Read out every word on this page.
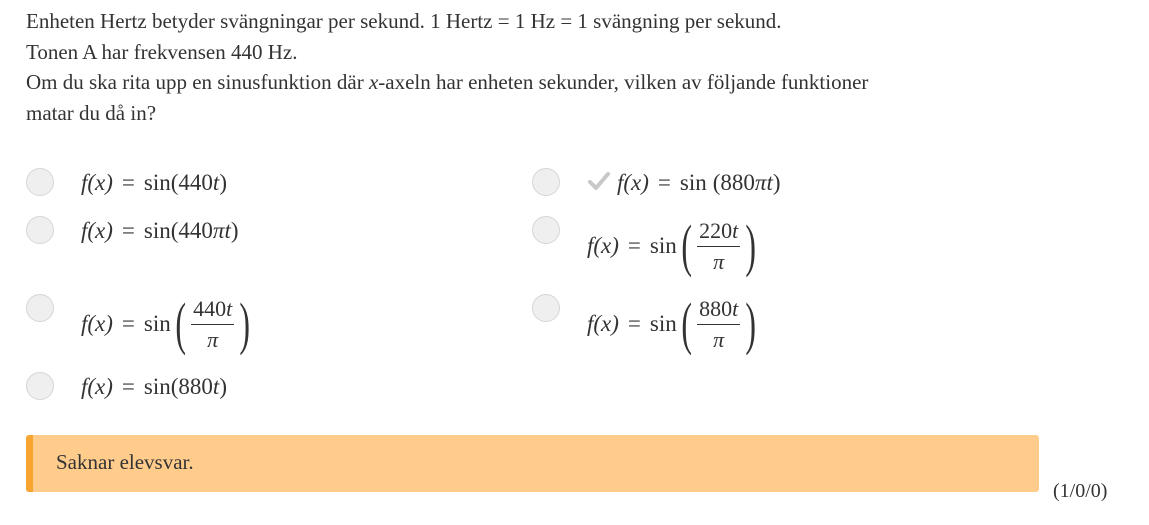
Enheten Hertz betyder svängningar per sekund. 1 Hertz = 1 Hz = 1 svängning per sekund.
Tonen A har frekvensen 440 Hz.
Om du ska rita upp en sinusfunktion där x-axeln har enheten sekunder, vilken av följande funktioner
matar du då in?
f(x) = sin (440t)
f(x) = sin (440πt)
f(x) = sin ( $\frac{440t}{\pi}$ )
f(x) = sin (880t)
f(x) = sin (880πt)
f(x) = sin ( $\frac{220t}{\pi}$ )
f(x) = sin ( $\frac{880t}{\pi}$ )
Saknar elevsvar.
(1/0/0)
